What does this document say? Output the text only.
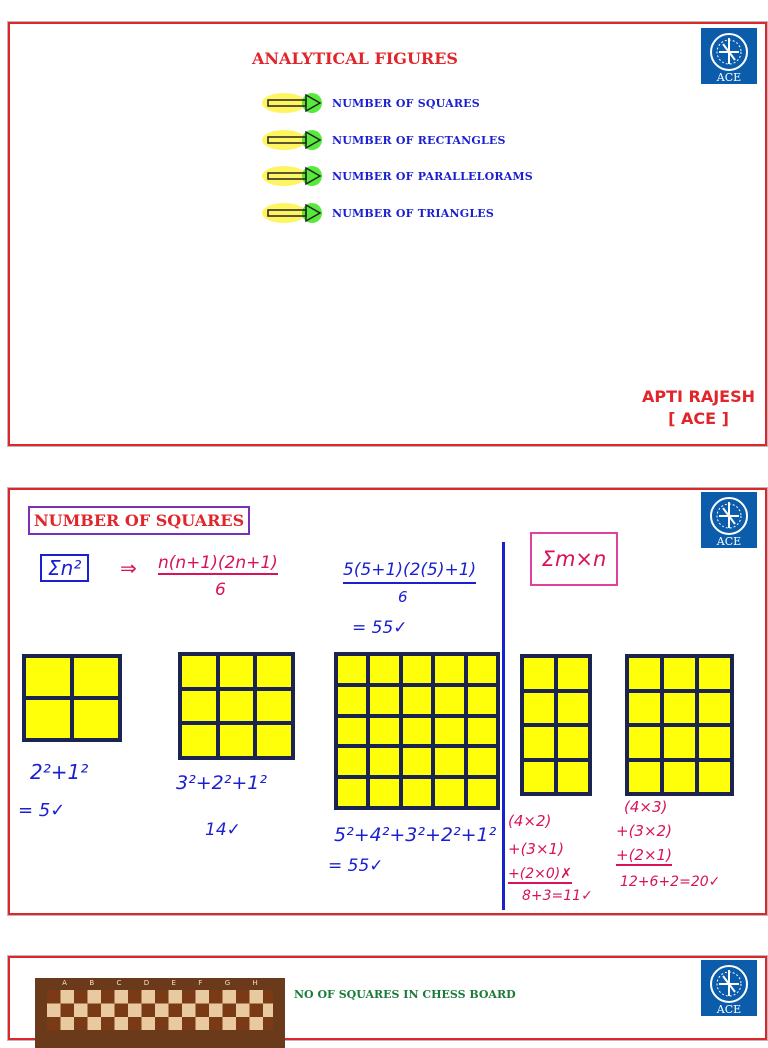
ANALYTICAL FIGURES
ACE
NUMBER OF SQUARES
NUMBER OF RECTANGLES
NUMBER OF PARALLELORAMS
NUMBER OF TRIANGLES
APTI RAJESH
[ ACE ]
NUMBER OF SQUARES
ACE
Σn²	⇒ n(n+1)(2n+1)
6
5(5+1)(2(5)+1)
6
= 55✓
Σm×n
2²+1²
= 5✓
3²+2²+1²
14✓	5²+4²+3²+2²+1²
= 55✓
(4×2)
+(3×1)
+(2×0)✗
8+3=11✓
(4×3)
+(3×2)
+(2×1)
12+6+2=20✓
A	B	C	D	E	F	G	H
NO OF SQUARES IN CHESS BOARD
ACE
